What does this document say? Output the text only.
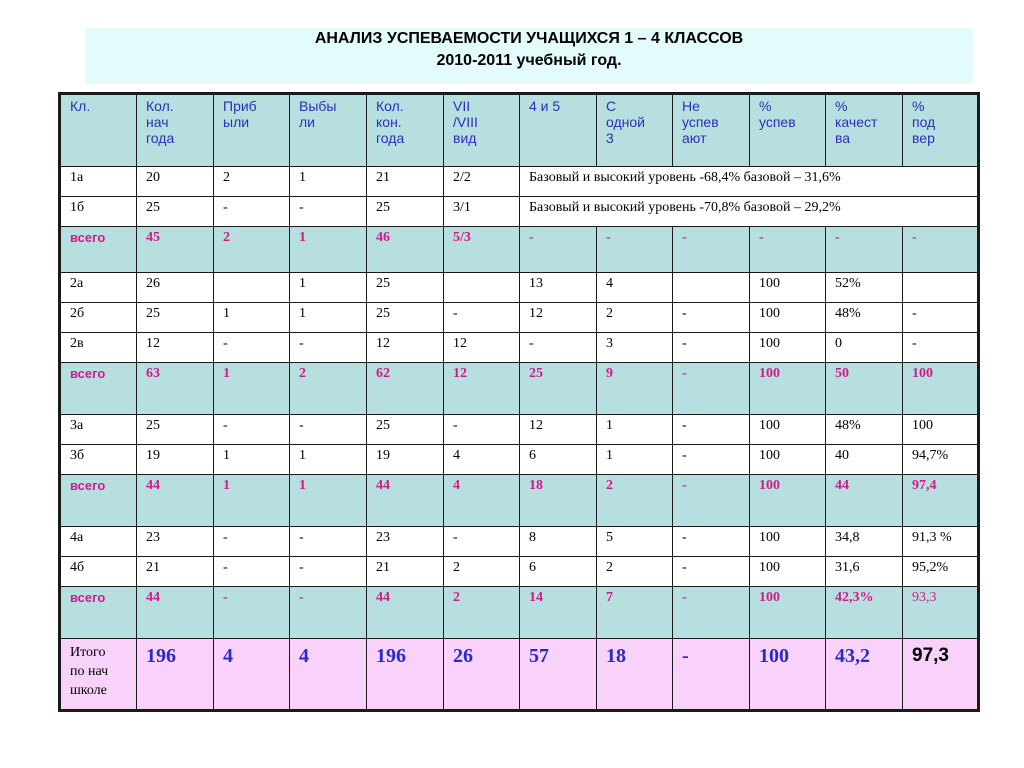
АНАЛИЗ УСПЕВАЕМОСТИ УЧАЩИХСЯ 1 – 4 КЛАССОВ
2010-2011 учебный год.
Кл.	Кол.
нач
года	Приб
ыли	Выбы
ли	Кол.
кон.
года	VII
/VIII
вид	4 и 5	С
одной
3	Не
успев
ают	%
успев	%
качест
ва	%
под
вер
1а	20	2	1	21	2/2	Базовый и высокий уровень -68,4% базовой – 31,6%					
1б	25	-	-	25	3/1	Базовый и высокий уровень -70,8% базовой – 29,2%					
всего	45	2	1	46	5/3	-	-	-	-	-	-
2а	26		1	25		13	4		100	52%	
2б	25	1	1	25	-	12	2	-	100	48%	-
2в	12	-	-	12	12	-	3	-	100	0	-
всего	63	1	2	62	12	25	9	-	100	50	100
3а	25	-	-	25	-	12	1	-	100	48%	100
3б	19	1	1	19	4	6	1	-	100	40	94,7%
всего	44	1	1	44	4	18	2	-	100	44	97,4
4а	23	-	-	23	-	8	5	-	100	34,8	91,3 %
4б	21	-	-	21	2	6	2	-	100	31,6	95,2%
всего	44	-	-	44	2	14	7	-	100	42,3%	93,3
Итого
по нач
школе	196	4	4	196	26	57	18	-	100	43,2	97,3
